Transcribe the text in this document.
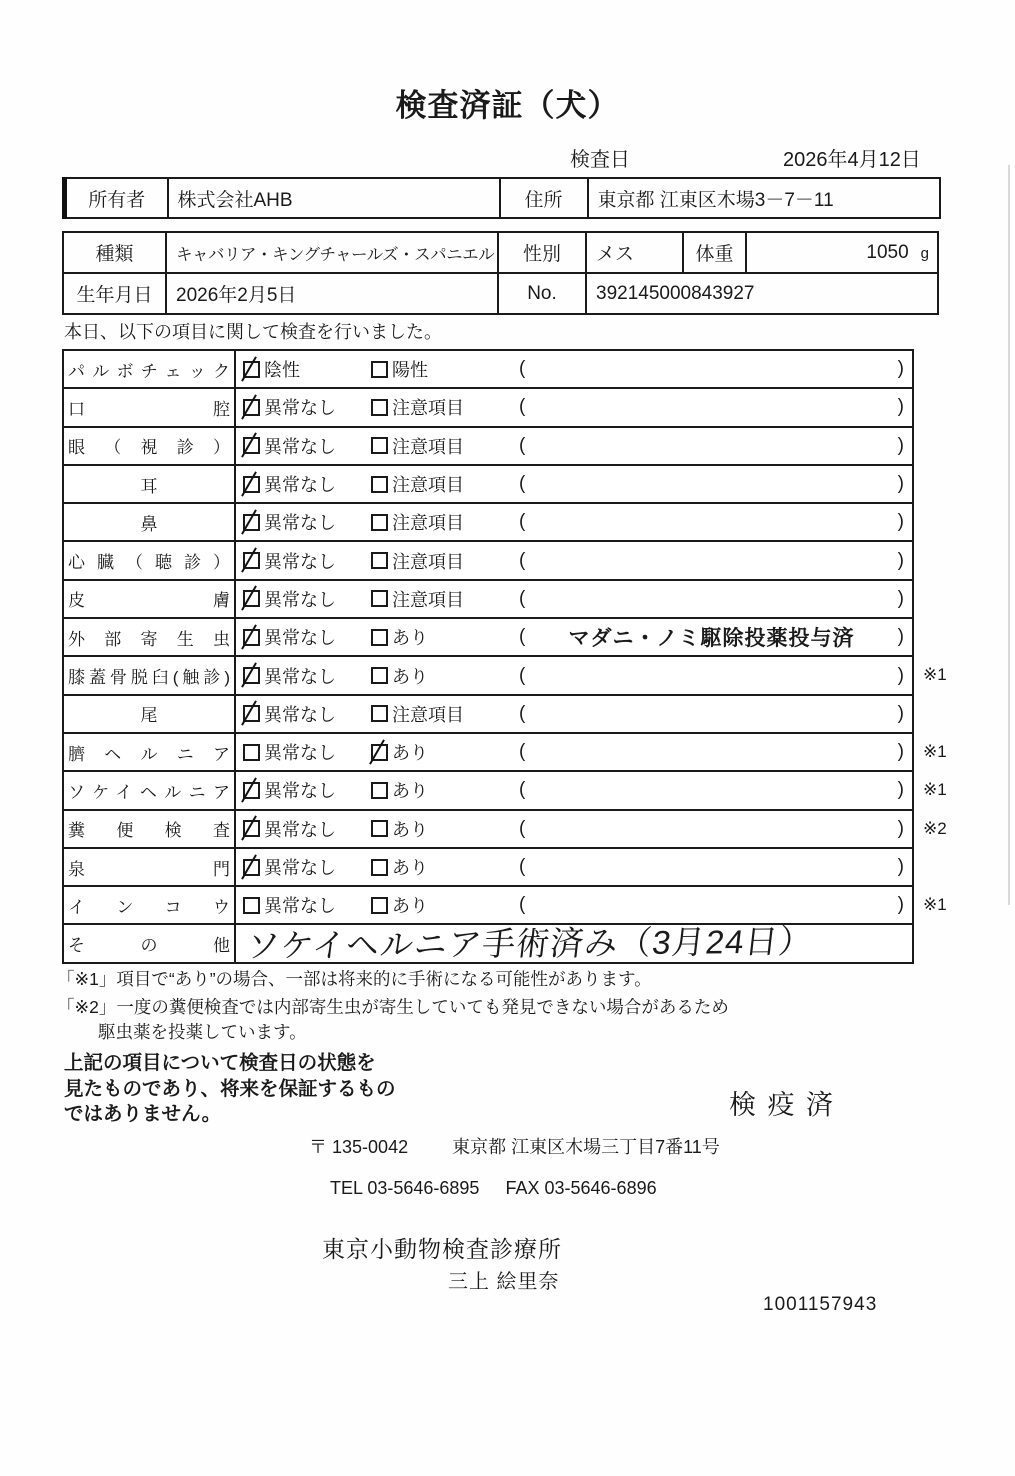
検査済証（犬）
検査日	2026年4月12日
所有者	株式会社AHB	住所	東京都 江東区木場3－7－11
種類	キャバリア・キングチャールズ・スパニエル	性別	メス	体重	1050 g
生年月日	2026年2月5日	No.	392145000843927		
本日、以下の項目に関して検査を行いました。
パルボチェック 陰性	陽性	(	)
口腔 異常なし	注意項目	(	)
眼（視診） 異常なし	注意項目	(	)
耳	異常なし	注意項目	(	)
鼻	異常なし	注意項目	(	)
心臓（聴診） 異常なし	注意項目	(	)
皮膚 異常なし	注意項目	(	)
外部寄生虫 異常なし	あり	(	マダニ・ノミ駆除投薬投与済	)
膝蓋骨脱臼(触診) 異常なし	あり	(	) ※1
尾	異常なし	注意項目	(	)
臍ヘルニア 異常なし	あり	(	) ※1
ソケイヘルニア 異常なし	あり	(	) ※1
糞便検査 異常なし	あり	(	) ※2
泉門 異常なし	あり	(	)
インコウ 異常なし	あり	(	) ※1
その他 ソケイヘルニア手術済み（3月24日）
「※1」項目で“あり”の場合、一部は将来的に手術になる可能性があります。
「※2」一度の糞便検査では内部寄生虫が寄生していても発見できない場合があるため
駆虫薬を投薬しています。
上記の項目について検査日の状態を
見たものであり、将来を保証するもの
ではありません。	検 疫 済
〒 135-0042 東京都 江東区木場三丁目7番11号
TEL 03-5646-6895 FAX 03-5646-6896
東京小動物検査診療所
三上 絵里奈
1001157943
